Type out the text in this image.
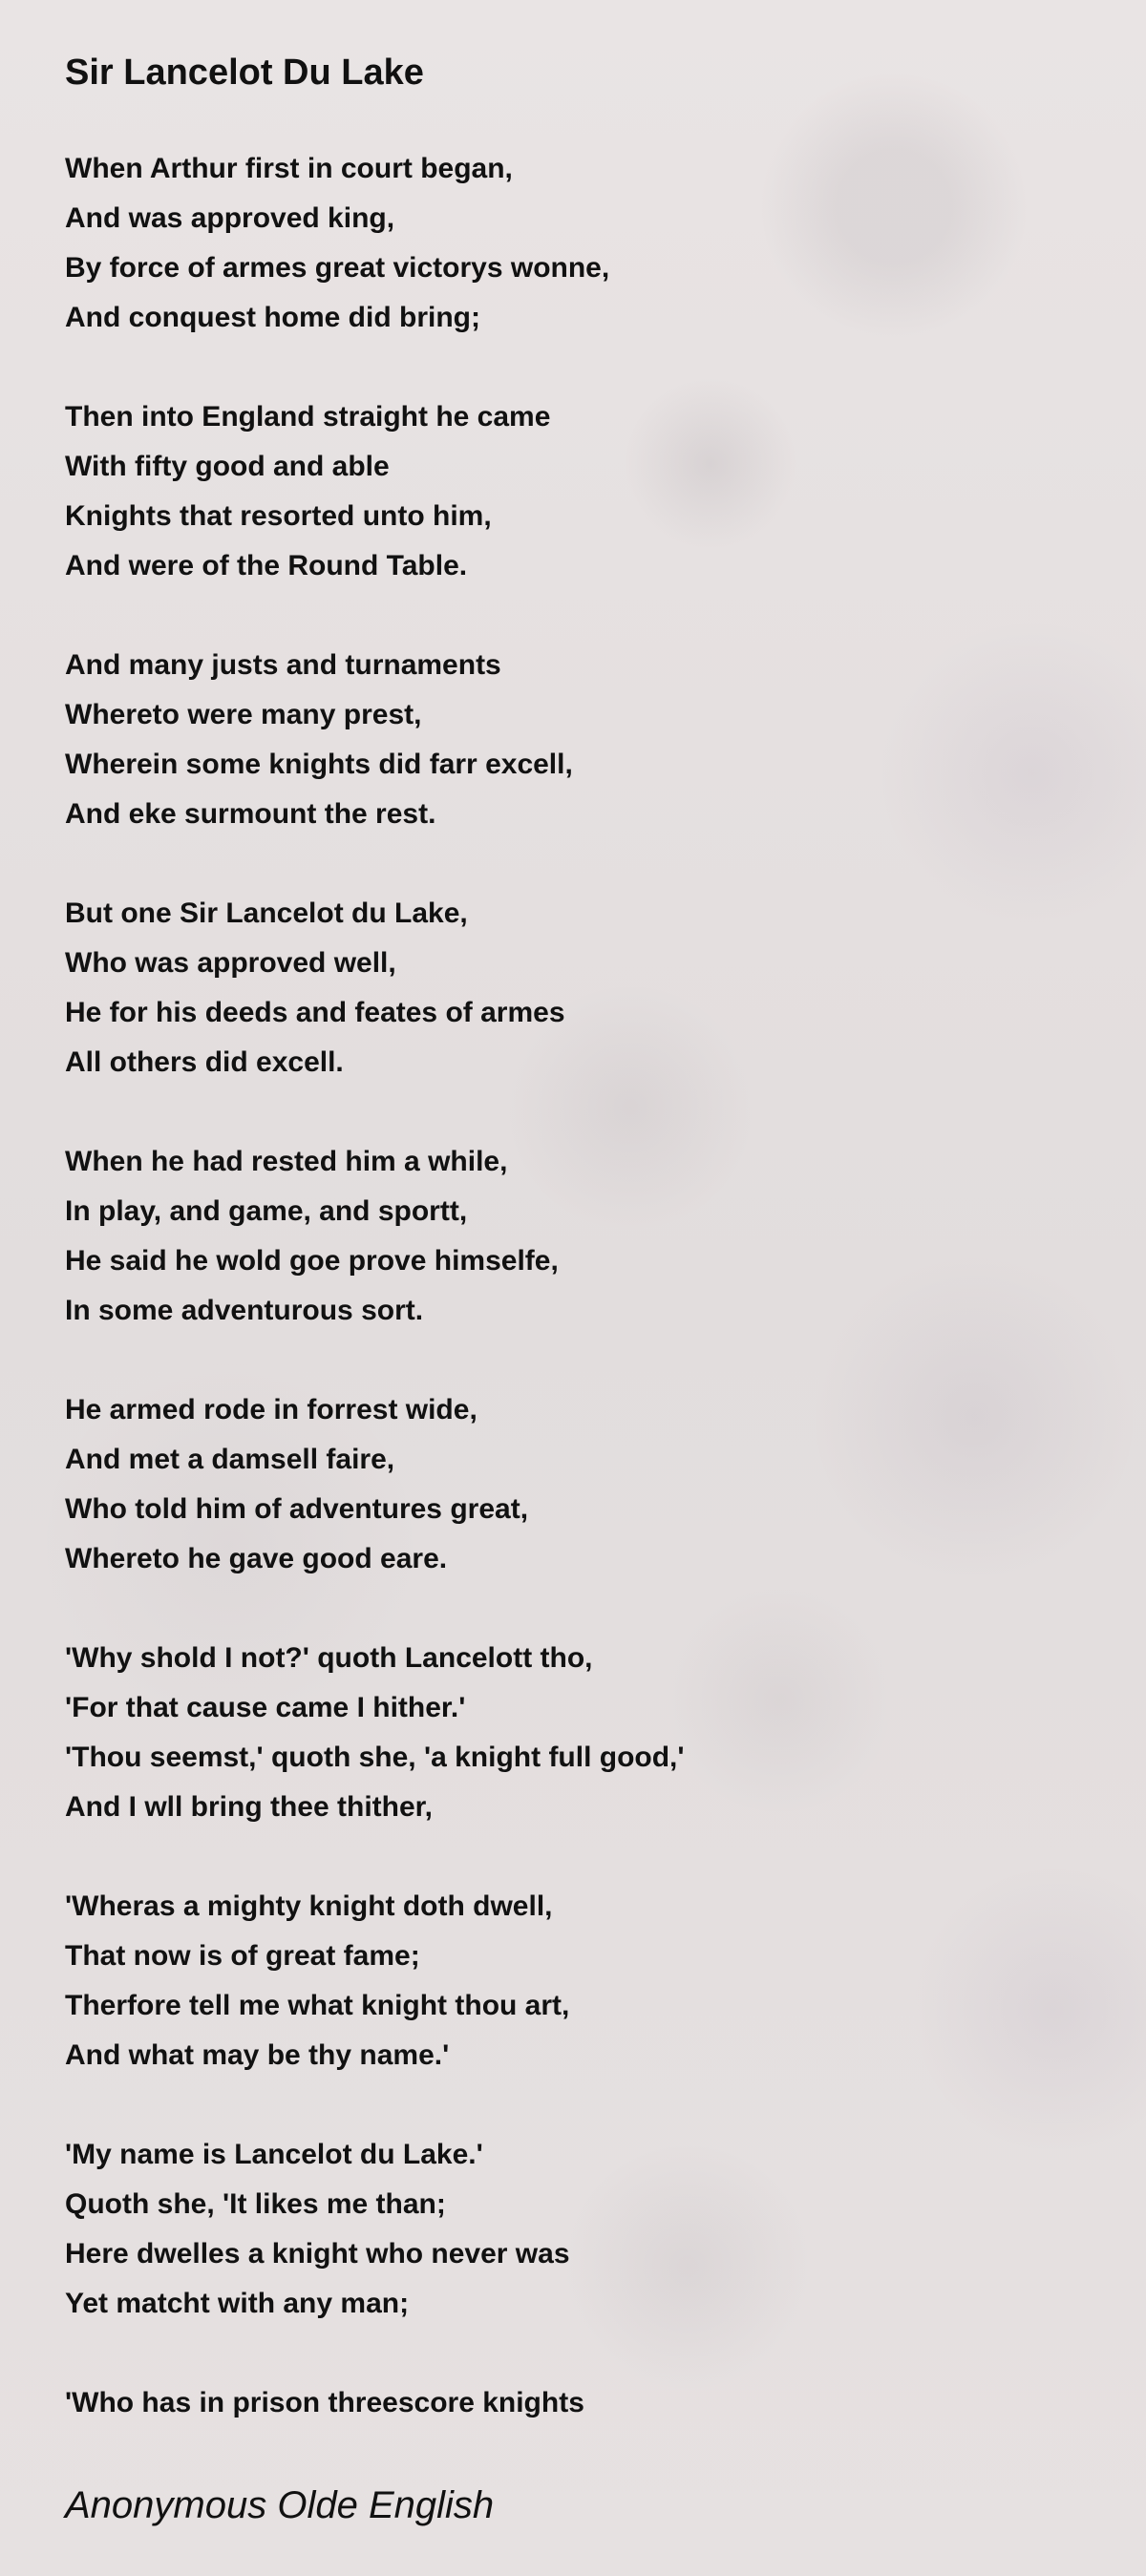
Sir Lancelot Du Lake
When Arthur first in court began,
And was approved king,
By force of armes great victorys wonne,
And conquest home did bring;
Then into England straight he came
With fifty good and able
Knights that resorted unto him,
And were of the Round Table.
And many justs and turnaments
Whereto were many prest,
Wherein some knights did farr excell,
And eke surmount the rest.
But one Sir Lancelot du Lake,
Who was approved well,
He for his deeds and feates of armes
All others did excell.
When he had rested him a while,
In play, and game, and sportt,
He said he wold goe prove himselfe,
In some adventurous sort.
He armed rode in forrest wide,
And met a damsell faire,
Who told him of adventures great,
Whereto he gave good eare.
'Why shold I not?' quoth Lancelott tho,
'For that cause came I hither.'
'Thou seemst,' quoth she, 'a knight full good,'
And I wll bring thee thither,
'Wheras a mighty knight doth dwell,
That now is of great fame;
Therfore tell me what knight thou art,
And what may be thy name.'
'My name is Lancelot du Lake.'
Quoth she, 'It likes me than;
Here dwelles a knight who never was
Yet matcht with any man;
'Who has in prison threescore knights
Anonymous Olde English
